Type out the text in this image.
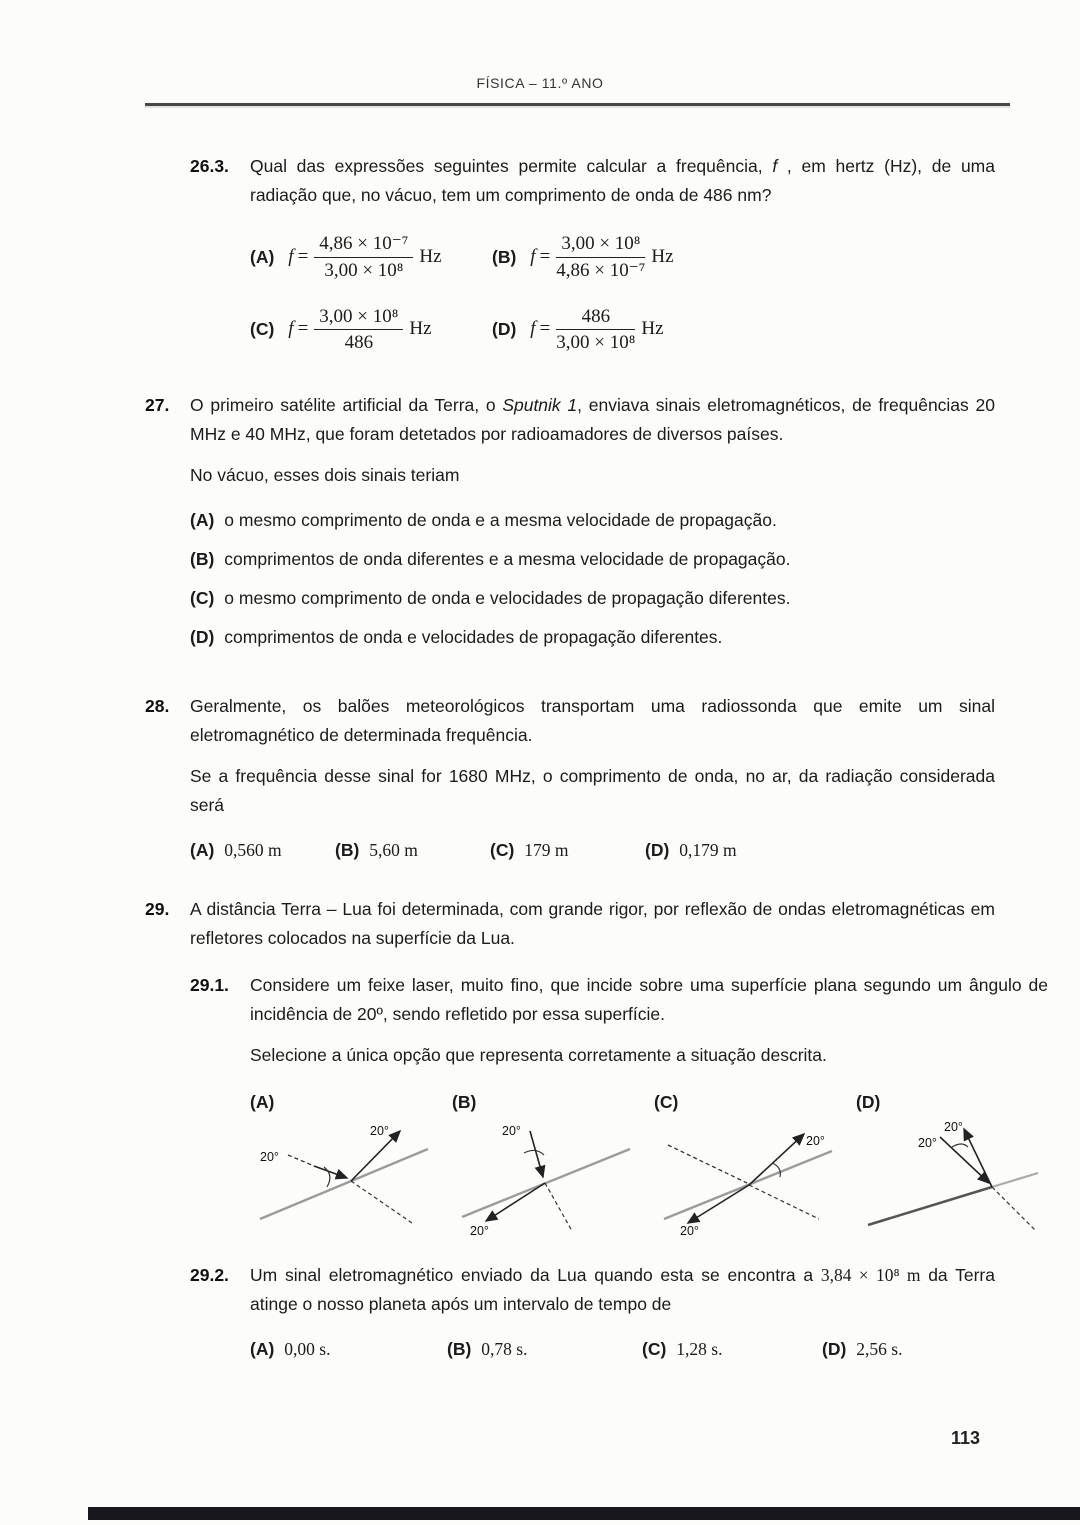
FÍSICA – 11.º ANO
26.3.	Qual das expressões seguintes permite calcular a frequência, f , em hertz (Hz), de uma radiação que, no vácuo, tem um comprimento de onda de 486 nm?
(A) $f = \frac{\text{4,86 × 10⁻⁷}}{\text{3,00 × 10⁸}}$ Hz	(B) $f = \frac{\text{3,00 × 10⁸}}{\text{4,86 × 10⁻⁷}}$ Hz
(C) $f = \frac{\text{3,00 × 10⁸}}{486}$ Hz	(D) $f = \frac{486}{\text{3,00 × 10⁸}}$ Hz
27.	O primeiro satélite artificial da Terra, o Sputnik 1, enviava sinais eletromagnéticos, de frequências 20 MHz e 40 MHz, que foram detetados por radioamadores de diversos países.
No vácuo, esses dois sinais teriam
(A) o mesmo comprimento de onda e a mesma velocidade de propagação.
(B) comprimentos de onda diferentes e a mesma velocidade de propagação.
(C) o mesmo comprimento de onda e velocidades de propagação diferentes.
(D) comprimentos de onda e velocidades de propagação diferentes.
28.	Geralmente, os balões meteorológicos transportam uma radiossonda que emite um sinal eletromagnético de determinada frequência.
Se a frequência desse sinal for 1680 MHz, o comprimento de onda, no ar, da radiação considerada será
(A) 0,560 m	(B) 5,60 m	(C) 179 m	(D) 0,179 m
29.	A distância Terra – Lua foi determinada, com grande rigor, por reflexão de ondas eletromagnéticas em refletores colocados na superfície da Lua.
29.1.	Considere um feixe laser, muito fino, que incide sobre uma superfície plana segundo um ângulo de incidência de 20º, sendo refletido por essa superfície.
Selecione a única opção que representa corretamente a situação descrita.
(A)
20°
20°
(B)
20°
20°
(C)
20°
20°
(D)
20°
20°
29.2.	Um sinal eletromagnético enviado da Lua quando esta se encontra a 3,84 × 10⁸ m da Terra atinge o nosso planeta após um intervalo de tempo de
(A) 0,00 s.	(B) 0,78 s.	(C) 1,28 s.	(D) 2,56 s.
113
